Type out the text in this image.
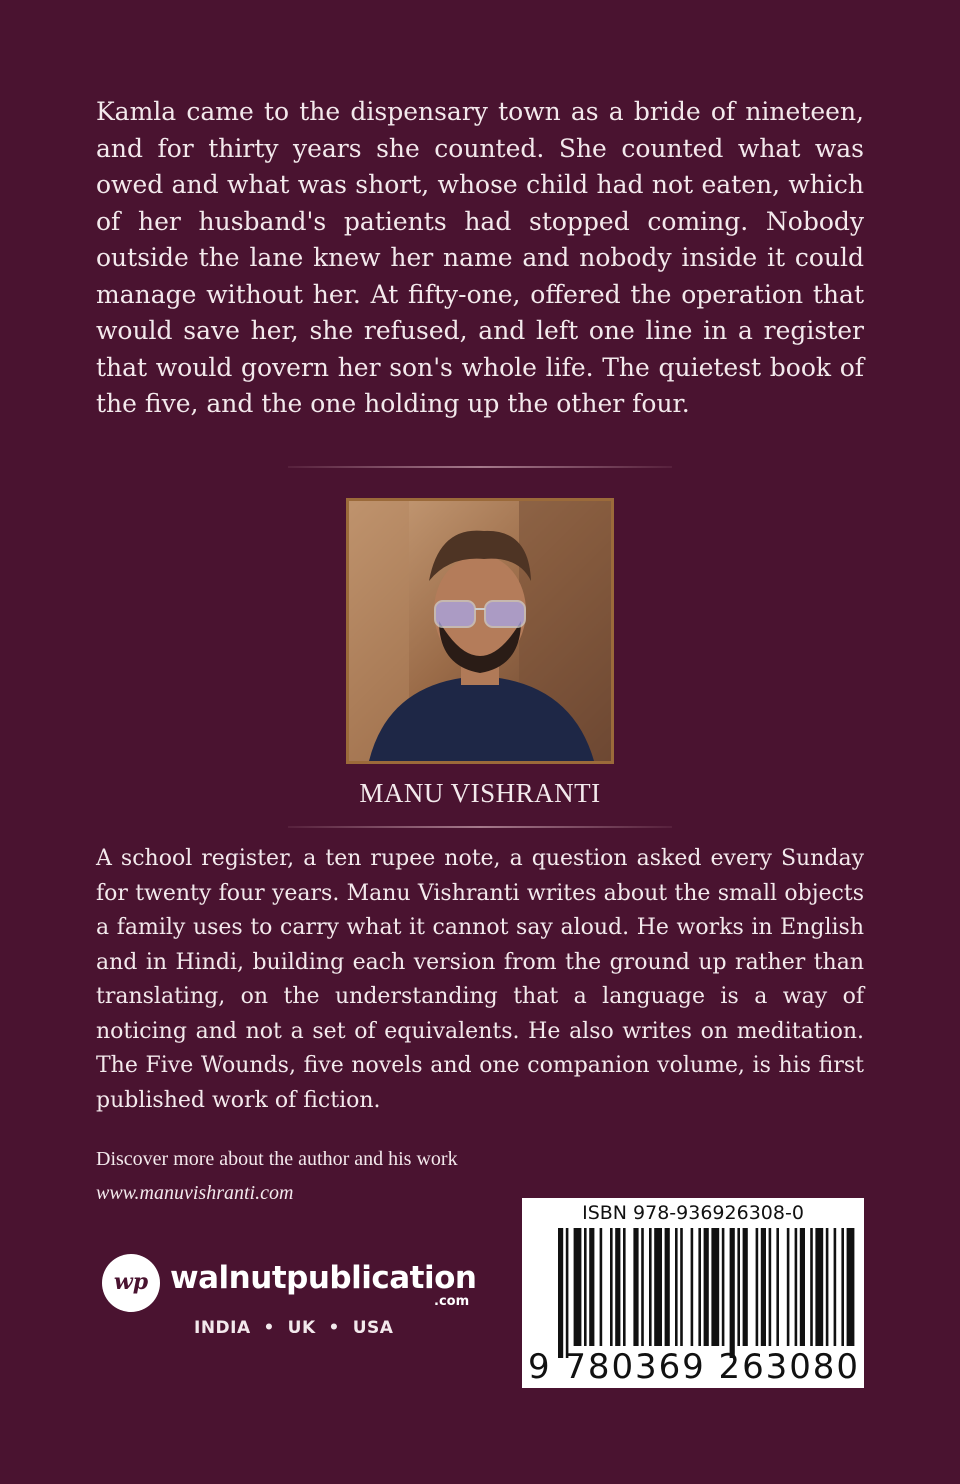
Kamla came to the dispensary town as a bride of nineteen, and for thirty years she counted. She counted what was owed and what was short, whose child had not eaten, which of her husband's patients had stopped coming. Nobody outside the lane knew her name and nobody inside it could manage without her. At fifty-one, offered the operation that would save her, she refused, and left one line in a register that would govern her son's whole life. The quietest book of the five, and the one holding up the other four.

MANU VISHRANTI

A school register, a ten rupee note, a question asked every Sunday for twenty four years. Manu Vishranti writes about the small objects a family uses to carry what it cannot say aloud. He works in English and in Hindi, building each version from the ground up rather than translating, on the understanding that a language is a way of noticing and not a set of equivalents. He also writes on meditation. The Five Wounds, five novels and one companion volume, is his first published work of fiction.

Discover more about the author and his work
www.manuvishranti.com
wp walnutpublication
.com
INDIA  •  UK  •  USA
ISBN 978-936926308-0
9 780369 263080
